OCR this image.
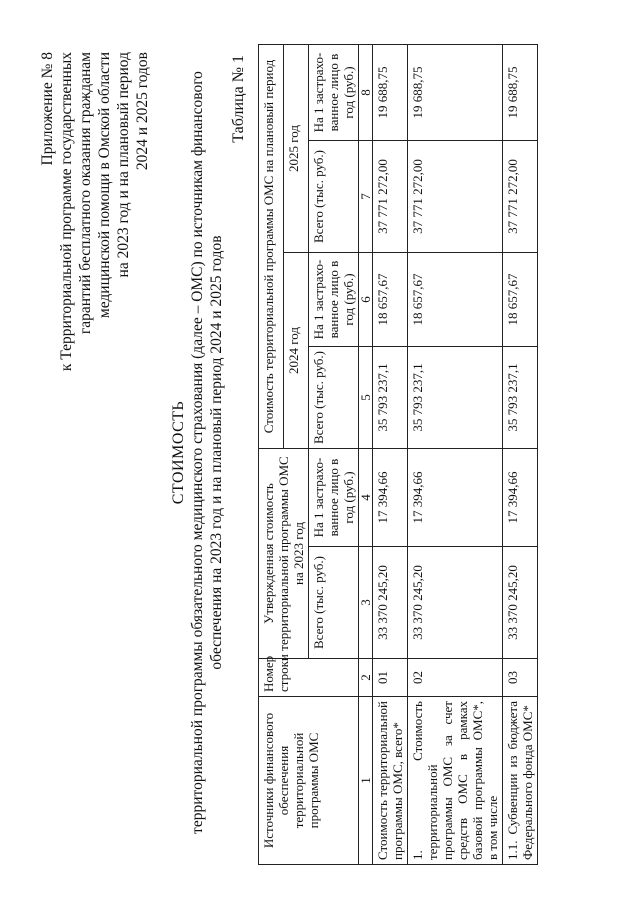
Приложение № 8 к Территориальной программе государственных гарантий бесплатного оказания гражданам медицинской помощи в Омской области на 2023 год и на плановый период 2024 и 2025 годов
СТОИМОСТЬ территориальной программы обязательного медицинского страхования (далее – ОМС) по источникам финансового обеспечения на 2023 год и на плановый период 2024 и 2025 годов
Таблица № 1
Источники финансового обеспечения территориальной программы ОМС	Номер строки	Утвержденная стоимость территориальной программы ОМС на 2023 год		Стоимость территориальной программы ОМС на плановый период			
				2024 год		2025 год	
		Всего (тыс. руб.)	На 1 застрахованное лицо в год (руб.)	Всего (тыс. руб.)	На 1 застрахованное лицо в год (руб.)	Всего (тыс. руб.)	На 1 застрахованное лицо в год (руб.)
1	2	3	4	5	6	7	8
Стоимость территориальной программы ОМС, всего*	01	33 370 245,20	17 394,66	35 793 237,1	18 657,67	37 771 272,00	19 688,75
1. Стоимость территориальной программы ОМС за счет средств ОМС в рамках базовой программы ОМС*, в том числе	02	33 370 245,20	17 394,66	35 793 237,1	18 657,67	37 771 272,00	19 688,75
1.1. Субвенции из бюджета Федерального фонда ОМС*	03	33 370 245,20	17 394,66	35 793 237,1	18 657,67	37 771 272,00	19 688,75
